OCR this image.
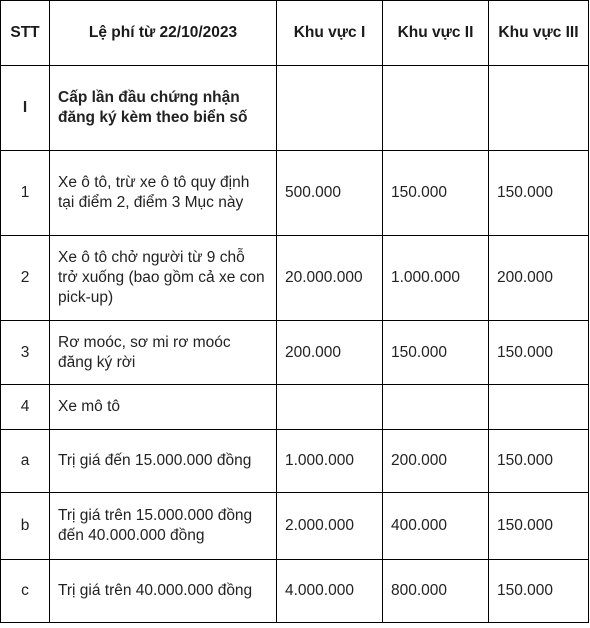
STT	Lệ phí từ 22/10/2023	Khu vực I	Khu vực II	Khu vực III
I	Cấp lần đầu chứng nhận đăng ký kèm theo biển số			
1	Xe ô tô, trừ xe ô tô quy định tại điểm 2, điểm 3 Mục này	500.000	150.000	150.000
2	Xe ô tô chở người từ 9 chỗ trở xuống (bao gồm cả xe con pick-up)	20.000.000	1.000.000	200.000
3	Rơ moóc, sơ mi rơ moóc đăng ký rời	200.000	150.000	150.000
4	Xe mô tô			
a	Trị giá đến 15.000.000 đồng	1.000.000	200.000	150.000
b	Trị giá trên 15.000.000 đồng đến 40.000.000 đồng	2.000.000	400.000	150.000
c	Trị giá trên 40.000.000 đồng	4.000.000	800.000	150.000
